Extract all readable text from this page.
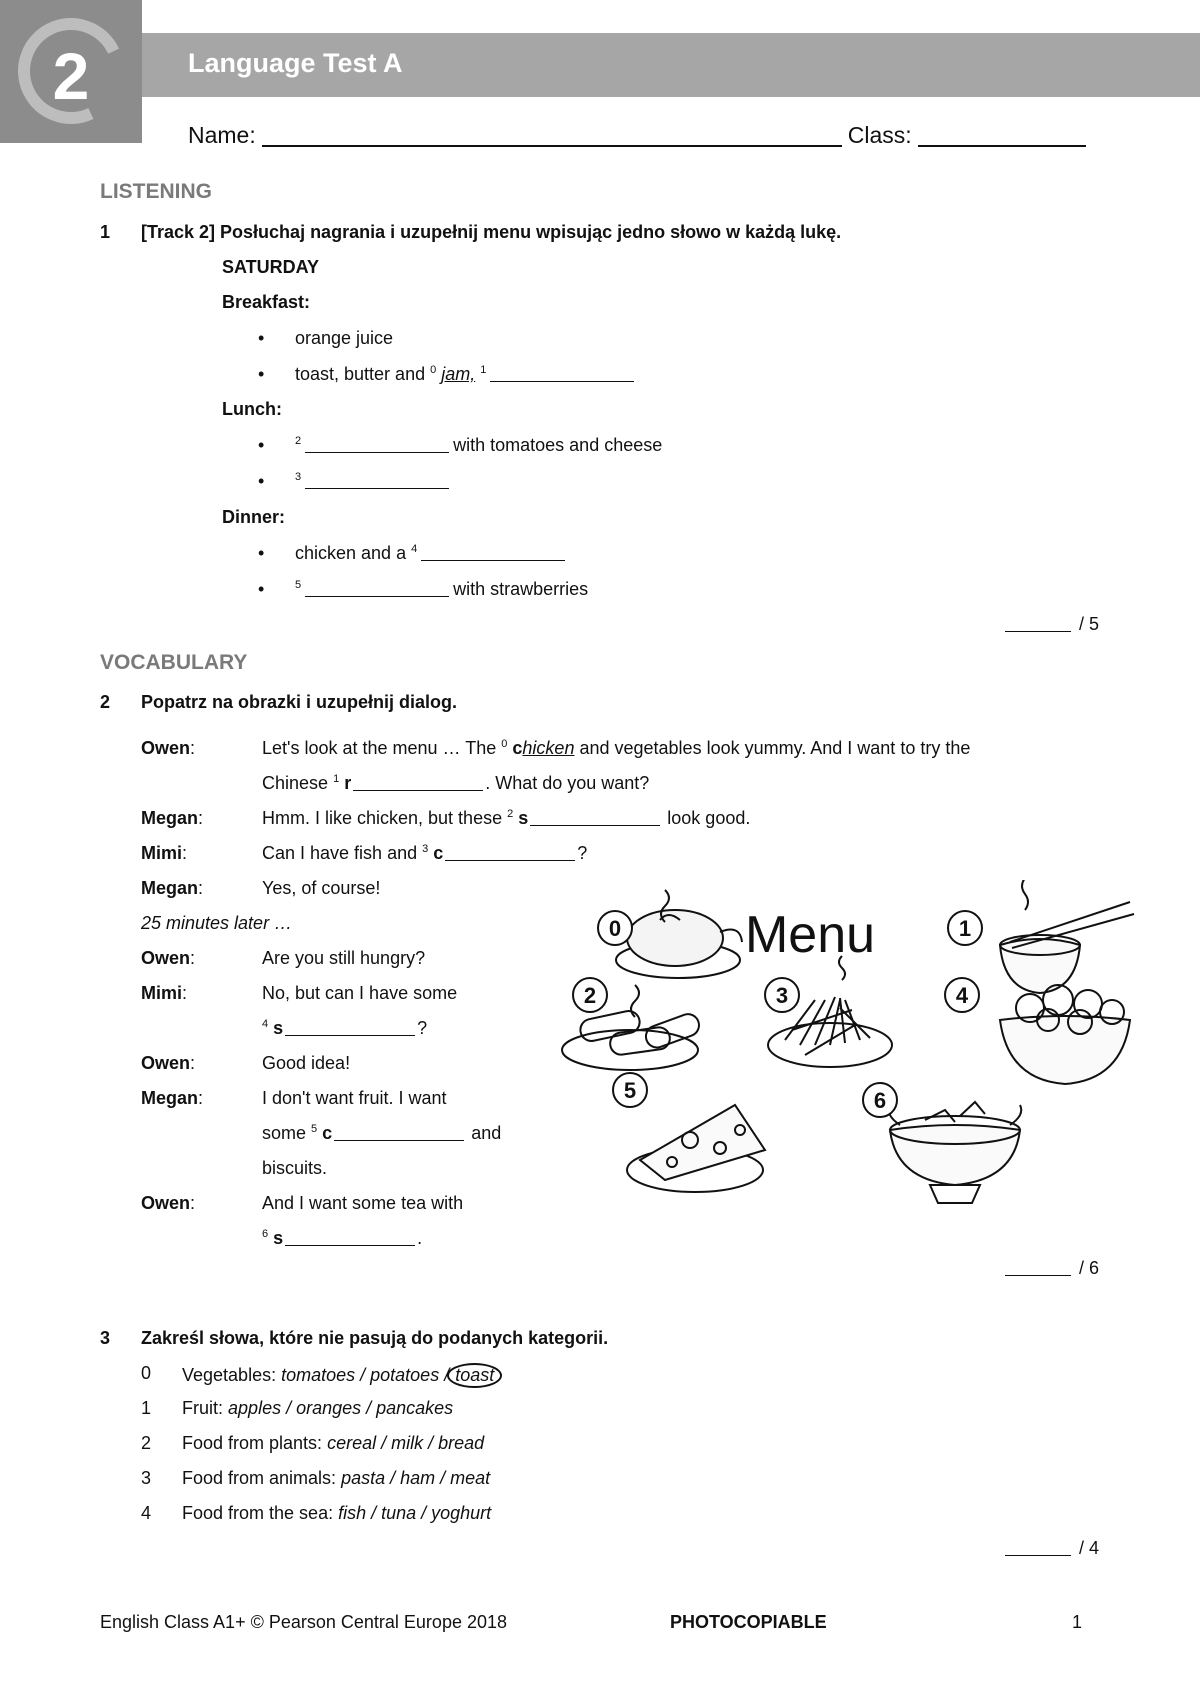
2	Language Test A
Name:	Class:
LISTENING
1 [Track 2] Posłuchaj nagrania i uzupełnij menu wpisując jedno słowo w każdą lukę.
SATURDAY
Breakfast:
orange juice
toast, butter and $^0$ jam, $^1$
Lunch:
$^2$	with tomatoes and cheese
$^3$
Dinner:
chicken and a $^4$
$^5$	with strawberries
/ 5
VOCABULARY
2 Popatrz na obrazki i uzupełnij dialog.
Owen:	Let's look at the menu … The $^0$ chicken and vegetables look yummy. And I want to try the
Chinese $^1$ r	. What do you want?
Megan:	Hmm. I like chicken, but these $^2$ s	look good.
Mimi:	Can I have fish and $^3$ c	?
Megan:	Yes, of course!
25 minutes later …
Owen:	Are you still hungry?
Mimi:	No, but can I have some
$^4$ s	?
Owen:	Good idea!
Megan:	I don't want fruit. I want
some $^5$ c	and
biscuits.
Owen:	And I want some tea with
$^6$ s	.
0	1
2	3	4
5	6
Menu
/ 6
3 Zakreśl słowa, które nie pasują do podanych kategorii.
0 Vegetables: tomatoes / potatoes / toast
1 Fruit: apples / oranges / pancakes
2 Food from plants: cereal / milk / bread
3 Food from animals: pasta / ham / meat
4 Food from the sea: fish / tuna / yoghurt
/ 4
English Class A1+ © Pearson Central Europe 2018	PHOTOCOPIABLE	1
